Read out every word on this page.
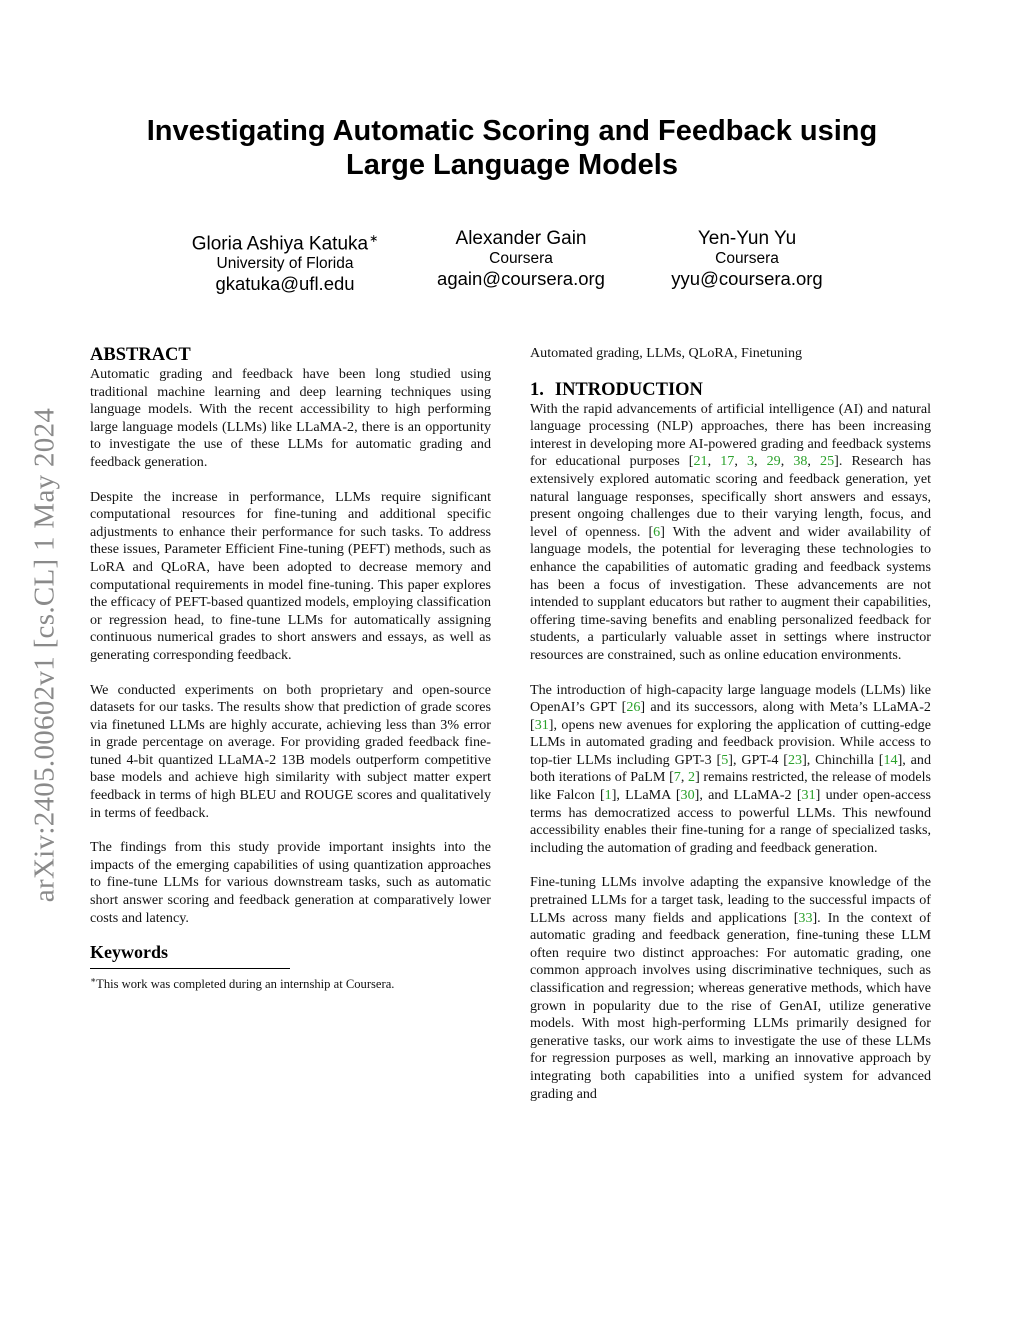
arXiv:2405.00602v1 [cs.CL] 1 May 2024
Investigating Automatic Scoring and Feedback using
Large Language Models
Gloria Ashiya Katuka∗
University of Florida
gkatuka@ufl.edu
Alexander Gain
Coursera
again@coursera.org
Yen-Yun Yu
Coursera
yyu@coursera.org
ABSTRACT

Automatic grading and feedback have been long studied using traditional machine learning and deep learning techniques using language models. With the recent accessibility to high performing large language models (LLMs) like LLaMA-2, there is an opportunity to investigate the use of these LLMs for automatic grading and feedback generation.

Despite the increase in performance, LLMs require significant computational resources for fine-tuning and additional specific adjustments to enhance their performance for such tasks. To address these issues, Parameter Efficient Fine-tuning (PEFT) methods, such as LoRA and QLoRA, have been adopted to decrease memory and computational requirements in model fine-tuning. This paper explores the efficacy of PEFT-based quantized models, employing classification or regression head, to fine-tune LLMs for automatically assigning continuous numerical grades to short answers and essays, as well as generating corresponding feedback.

We conducted experiments on both proprietary and open-source datasets for our tasks. The results show that prediction of grade scores via finetuned LLMs are highly accurate, achieving less than 3% error in grade percentage on average. For providing graded feedback fine-tuned 4-bit quantized LLaMA-2 13B models outperform competitive base models and achieve high similarity with subject matter expert feedback in terms of high BLEU and ROUGE scores and qualitatively in terms of feedback.

The findings from this study provide important insights into the impacts of the emerging capabilities of using quantization approaches to fine-tune LLMs for various downstream tasks, such as automatic short answer scoring and feedback generation at comparatively lower costs and latency.

Keywords
∗This work was completed during an internship at Coursera.

Automated grading, LLMs, QLoRA, Finetuning

1. INTRODUCTION

With the rapid advancements of artificial intelligence (AI) and natural language processing (NLP) approaches, there has been increasing interest in developing more AI-powered grading and feedback systems for educational purposes [21, 17, 3, 29, 38, 25]. Research has extensively explored automatic scoring and feedback generation, yet natural language responses, specifically short answers and essays, present ongoing challenges due to their varying length, focus, and level of openness. [6] With the advent and wider availability of language models, the potential for leveraging these technologies to enhance the capabilities of automatic grading and feedback systems has been a focus of investigation. These advancements are not intended to supplant educators but rather to augment their capabilities, offering time-saving benefits and enabling personalized feedback for students, a particularly valuable asset in settings where instructor resources are constrained, such as online education environments.

The introduction of high-capacity large language models (LLMs) like OpenAI’s GPT [26] and its successors, along with Meta’s LLaMA-2 [31], opens new avenues for exploring the application of cutting-edge LLMs in automated grading and feedback provision. While access to top-tier LLMs including GPT-3 [5], GPT-4 [23], Chinchilla [14], and both iterations of PaLM [7, 2] remains restricted, the release of models like Falcon [1], LLaMA [30], and LLaMA-2 [31] under open-access terms has democratized access to powerful LLMs. This newfound accessibility enables their fine-tuning for a range of specialized tasks, including the automation of grading and feedback generation.

Fine-tuning LLMs involve adapting the expansive knowledge of the pretrained LLMs for a target task, leading to the successful impacts of LLMs across many fields and applications [33]. In the context of automatic grading and feedback generation, fine-tuning these LLM often require two distinct approaches: For automatic grading, one common approach involves using discriminative techniques, such as classification and regression; whereas generative methods, which have grown in popularity due to the rise of GenAI, utilize generative models. With most high-performing LLMs primarily designed for generative tasks, our work aims to investigate the use of these LLMs for regression purposes as well, marking an innovative approach by integrating both capabilities into a unified system for advanced grading and
